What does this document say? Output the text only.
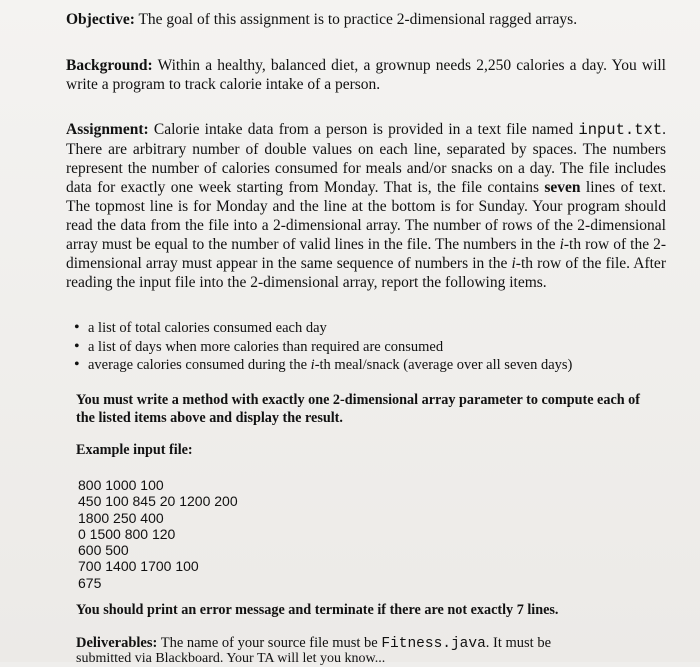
Objective: The goal of this assignment is to practice 2-dimensional ragged arrays.
Background: Within a healthy, balanced diet, a grownup needs 2,250 calories a day. You will write a program to track calorie intake of a person.
Assignment: Calorie intake data from a person is provided in a text file named input.txt. There are arbitrary number of double values on each line, separated by spaces. The numbers represent the number of calories consumed for meals and/or snacks on a day. The file includes data for exactly one week starting from Monday. That is, the file contains seven lines of text. The topmost line is for Monday and the line at the bottom is for Sunday. Your program should read the data from the file into a 2-dimensional array. The number of rows of the 2-dimensional array must be equal to the number of valid lines in the file. The numbers in the i-th row of the 2-dimensional array must appear in the same sequence of numbers in the i-th row of the file. After reading the input file into the 2-dimensional array, report the following items.
• a list of total calories consumed each day
• a list of days when more calories than required are consumed
• average calories consumed during the i-th meal/snack (average over all seven days)
You must write a method with exactly one 2-dimensional array parameter to compute each of the listed items above and display the result.
Example input file:
800 1000 100
450 100 845 20 1200 200
1800 250 400
0 1500 800 120
600 500
700 1400 1700 100
675
You should print an error message and terminate if there are not exactly 7 lines.
Deliverables: The name of your source file must be Fitness.java. It must be
submitted via Blackboard. Your TA will let you know...
